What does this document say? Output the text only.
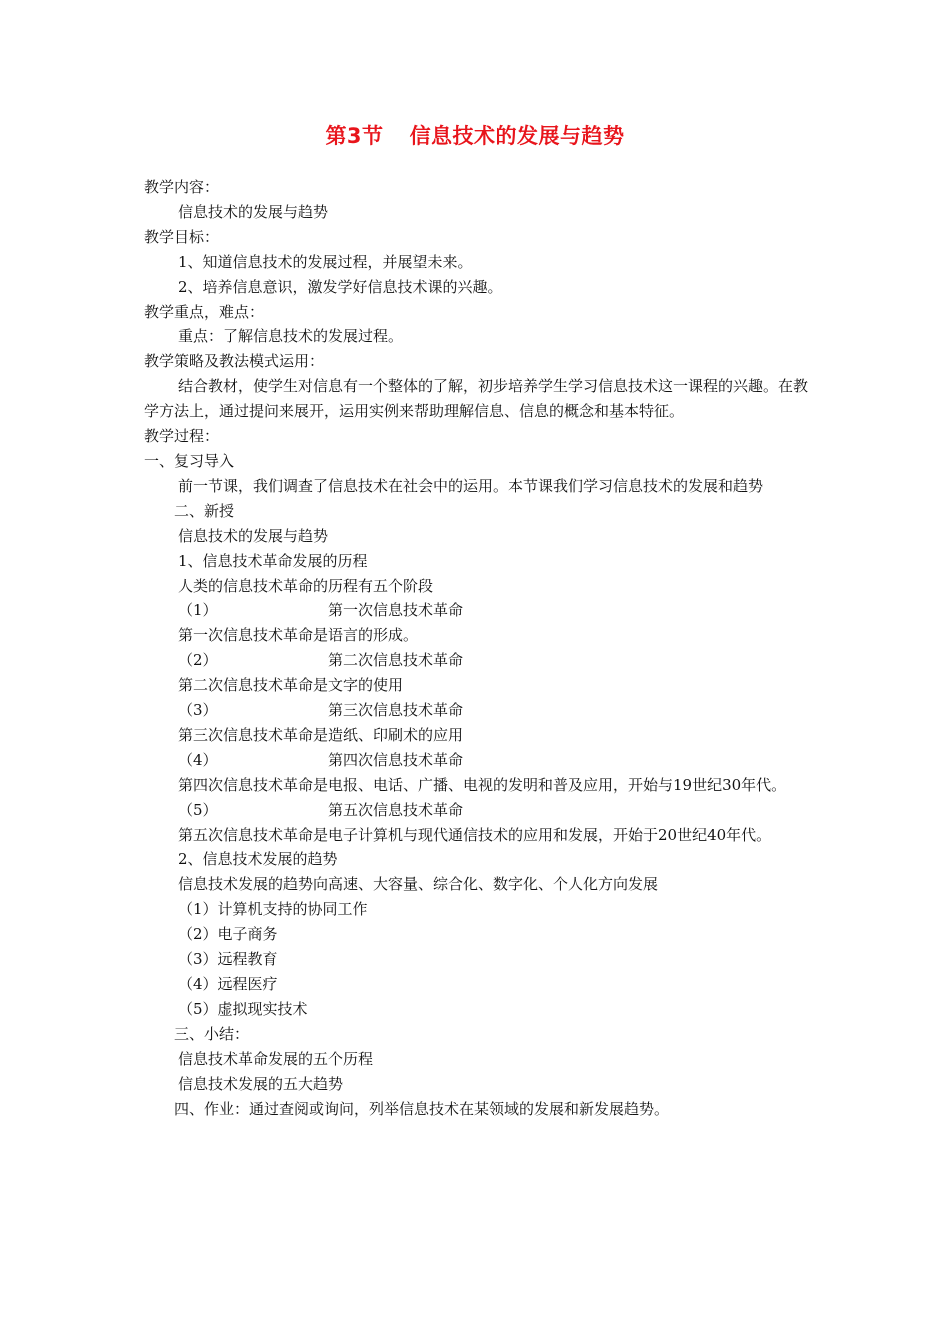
第3节 信息技术的发展与趋势
教学内容：
信息技术的发展与趋势
教学目标：
1、知道信息技术的发展过程，并展望未来。
2、培养信息意识，激发学好信息技术课的兴趣。
教学重点，难点：
重点：了解信息技术的发展过程。
教学策略及教法模式运用：
结合教材，使学生对信息有一个整体的了解，初步培养学生学习信息技术这一课程的兴趣。在教学方法上，通过提问来展开，运用实例来帮助理解信息、信息的概念和基本特征。
教学过程：
一、复习导入
前一节课，我们调查了信息技术在社会中的运用。本节课我们学习信息技术的发展和趋势
二、新授
信息技术的发展与趋势
1、信息技术革命发展的历程
人类的信息技术革命的历程有五个阶段
（1）	第一次信息技术革命
第一次信息技术革命是语言的形成。
（2）	第二次信息技术革命
第二次信息技术革命是文字的使用
（3）	第三次信息技术革命
第三次信息技术革命是造纸、印刷术的应用
（4）	第四次信息技术革命
第四次信息技术革命是电报、电话、广播、电视的发明和普及应用，开始与19世纪30年代。
（5）	第五次信息技术革命
第五次信息技术革命是电子计算机与现代通信技术的应用和发展，开始于20世纪40年代。
2、信息技术发展的趋势
信息技术发展的趋势向高速、大容量、综合化、数字化、个人化方向发展
（1）计算机支持的协同工作
（2）电子商务
（3）远程教育
（4）远程医疗
（5）虚拟现实技术
三、小结：
信息技术革命发展的五个历程
信息技术发展的五大趋势
四、作业：通过查阅或询问，列举信息技术在某领域的发展和新发展趋势。
